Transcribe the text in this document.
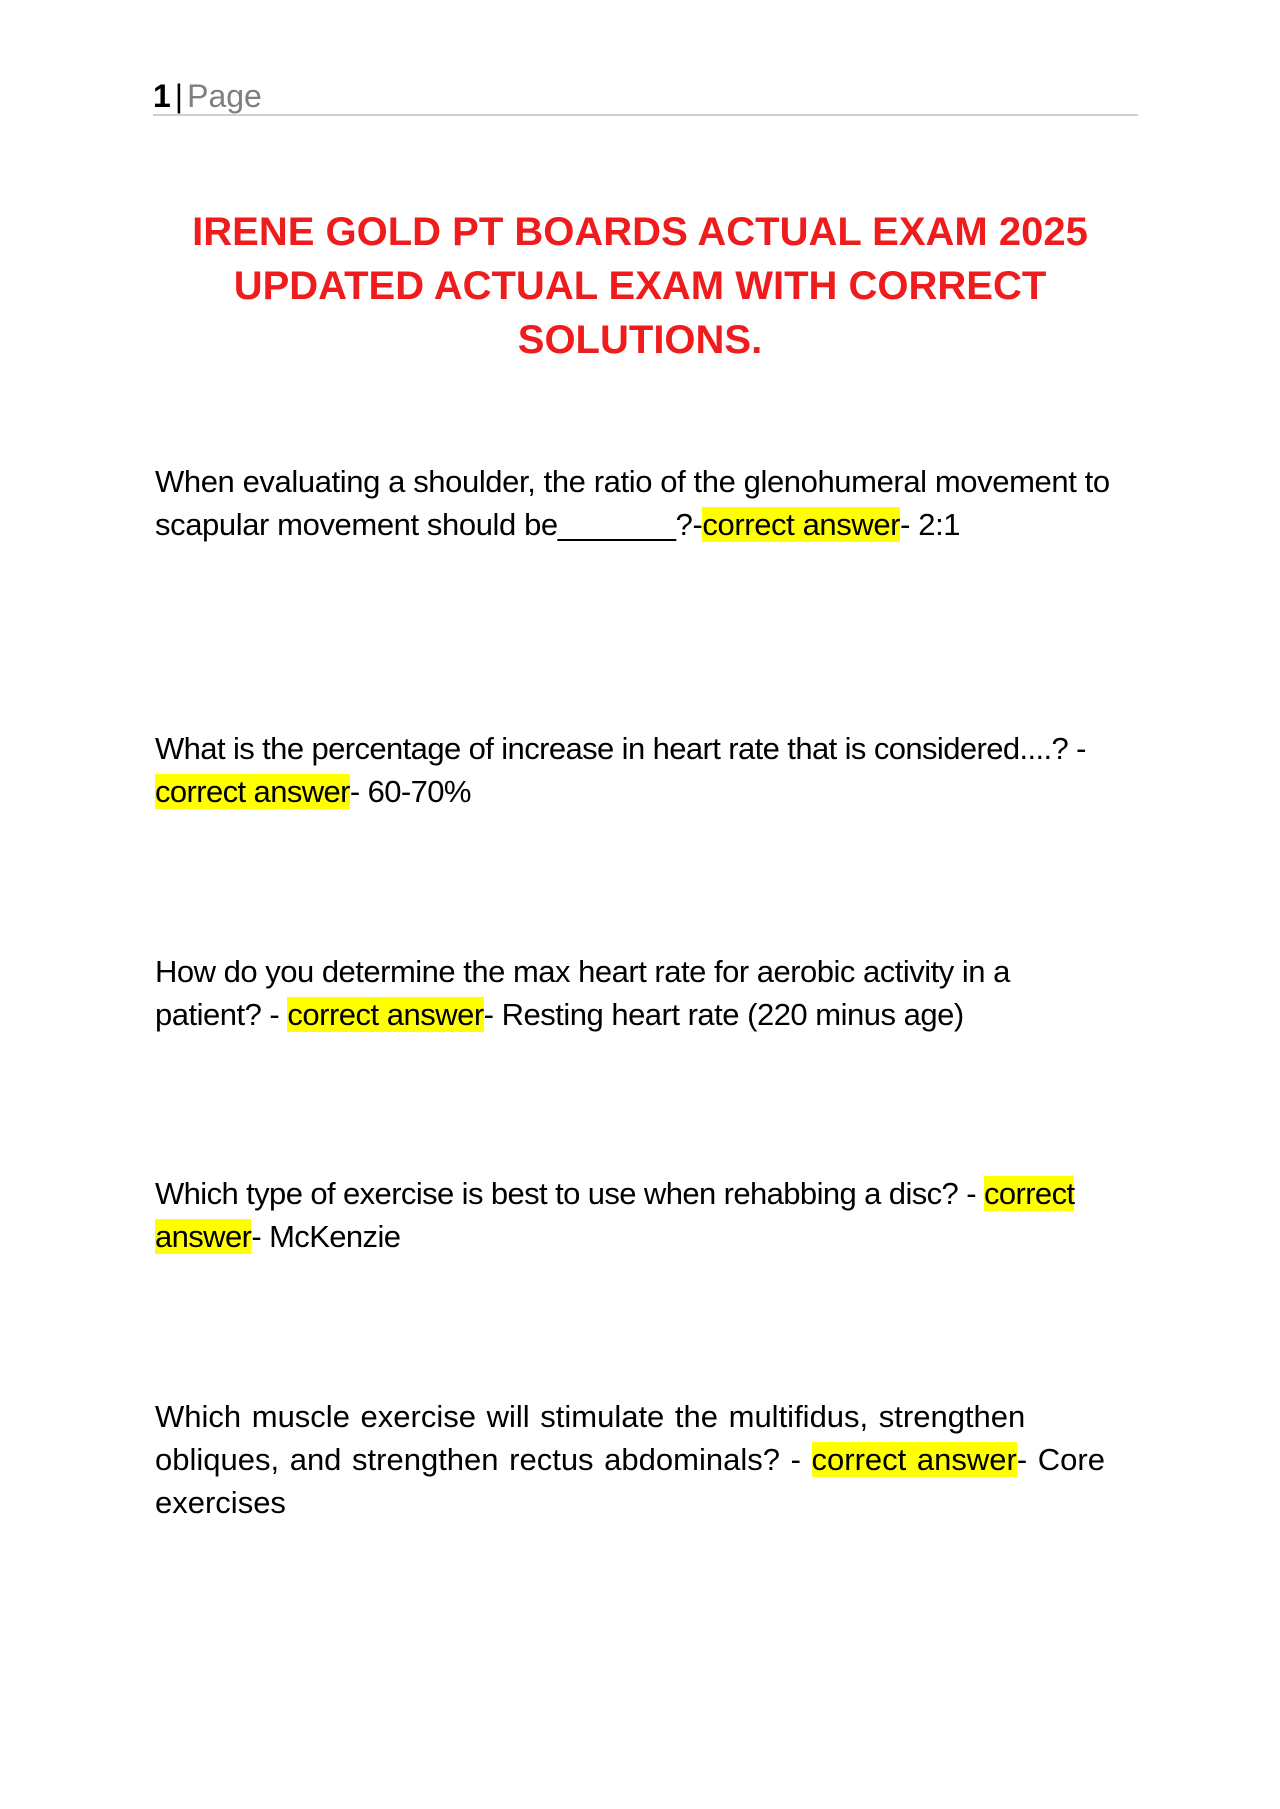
1 | Page
IRENE GOLD PT BOARDS ACTUAL EXAM 2025 UPDATED ACTUAL EXAM WITH CORRECT SOLUTIONS.

When evaluating a shoulder, the ratio of the glenohumeral movement to scapular movement should be_______?-correct answer- 2:1

What is the percentage of increase in heart rate that is considered....? - correct answer- 60-70%

How do you determine the max heart rate for aerobic activity in a patient? - correct answer- Resting heart rate (220 minus age)

Which type of exercise is best to use when rehabbing a disc? - correct answer- McKenzie

Which muscle exercise will stimulate the multifidus, strengthen obliques, and strengthen rectus abdominals? - correct answer- Core exercises
